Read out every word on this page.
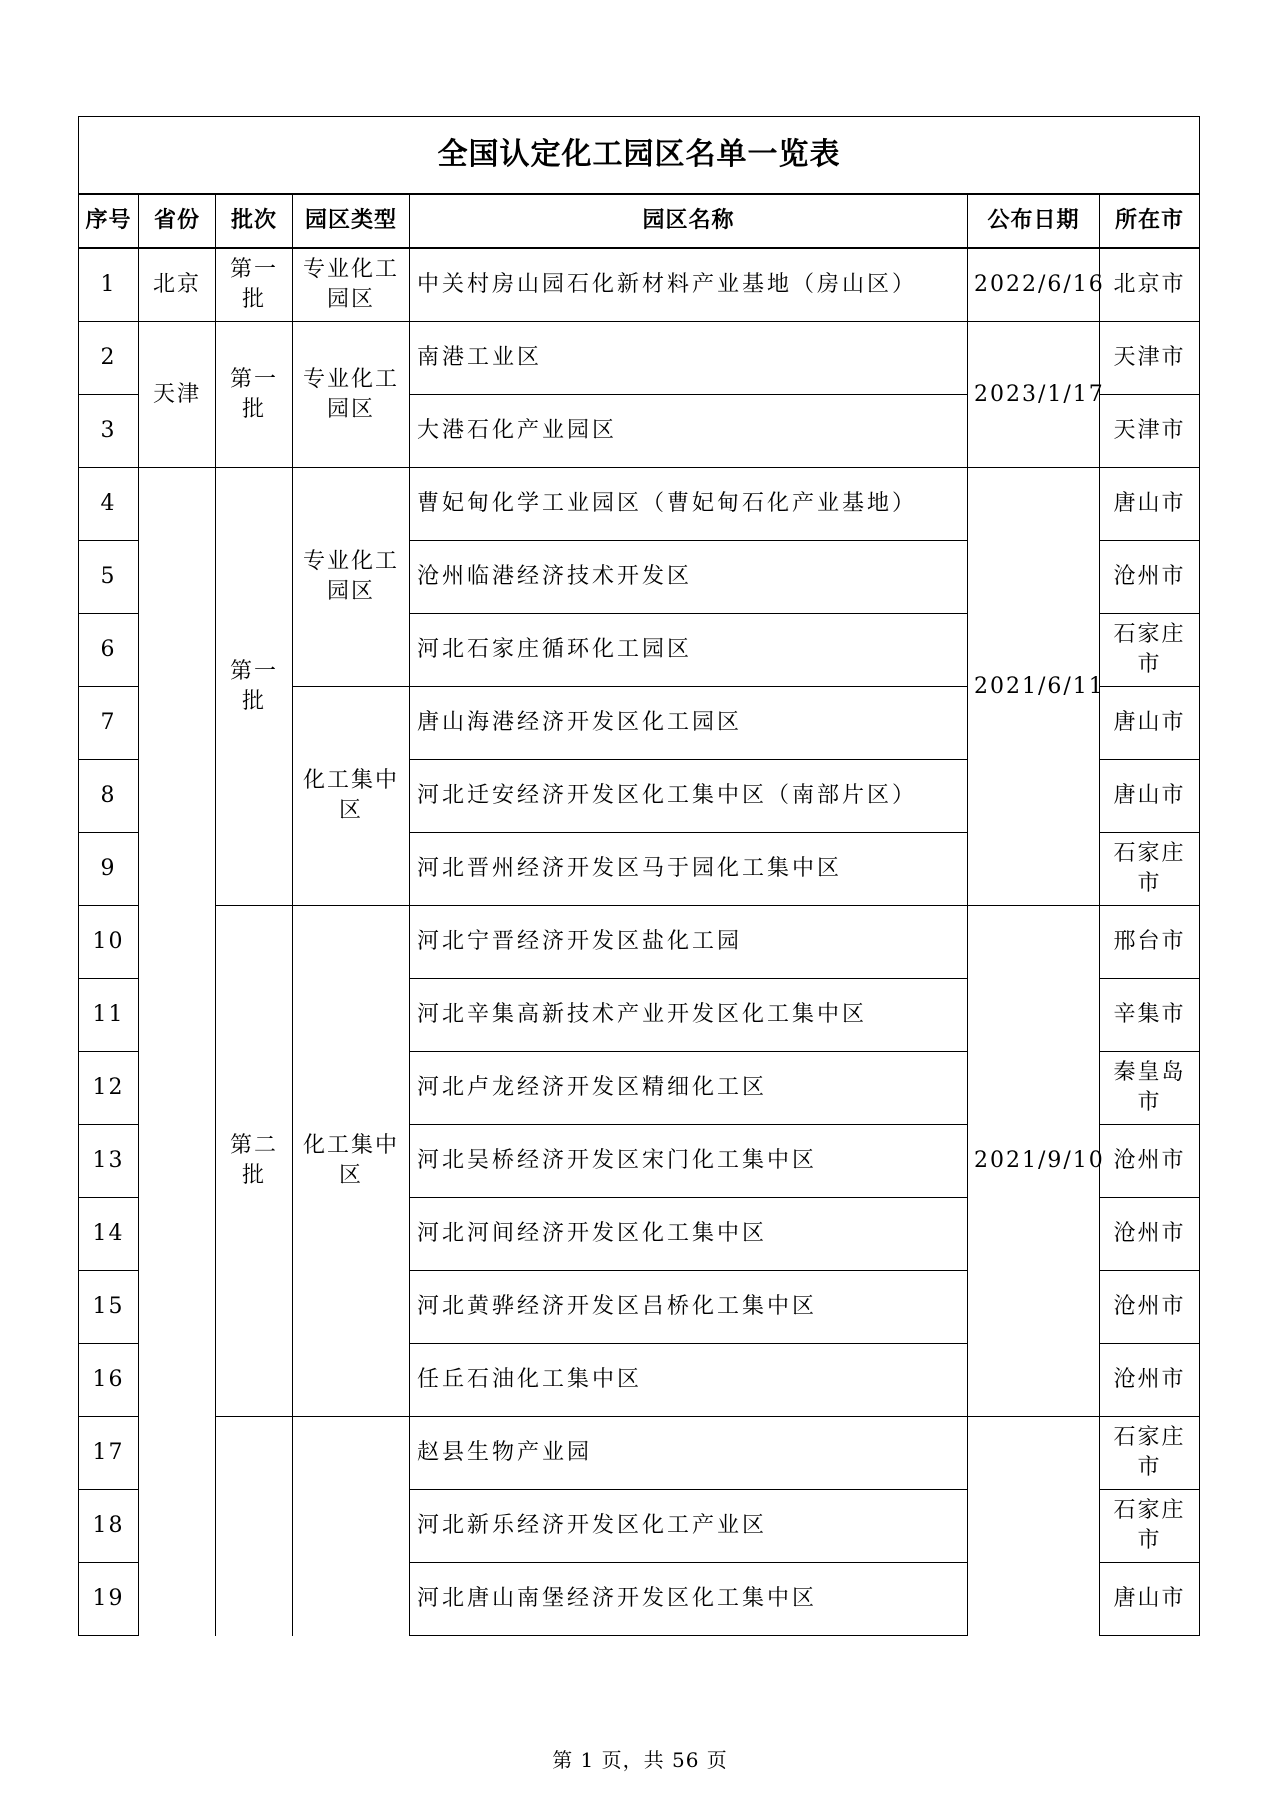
全国认定化工园区名单一览表						
序号	省份	批次	园区类型	园区名称	公布日期	所在市
1	北京	第一批	专业化工园区	中关村房山园石化新材料产业基地（房山区）	2022/6/16	北京市
2	天津	第一批	专业化工园区	南港工业区	2023/1/17	天津市
3				大港石化产业园区		天津市
4		第一批	专业化工园区	曹妃甸化学工业园区（曹妃甸石化产业基地）	2021/6/11	唐山市
5				沧州临港经济技术开发区		沧州市
6				河北石家庄循环化工园区		石家庄市
7			化工集中区	唐山海港经济开发区化工园区		唐山市
8				河北迁安经济开发区化工集中区（南部片区）		唐山市
9				河北晋州经济开发区马于园化工集中区		石家庄市
10		第二批	化工集中区	河北宁晋经济开发区盐化工园	2021/9/10	邢台市
11				河北辛集高新技术产业开发区化工集中区		辛集市
12				河北卢龙经济开发区精细化工区		秦皇岛市
13				河北吴桥经济开发区宋门化工集中区		沧州市
14				河北河间经济开发区化工集中区		沧州市
15				河北黄骅经济开发区吕桥化工集中区		沧州市
16				任丘石油化工集中区		沧州市
17				赵县生物产业园		石家庄市
18				河北新乐经济开发区化工产业区		石家庄市
19				河北唐山南堡经济开发区化工集中区		唐山市
第 1 页，共 56 页
